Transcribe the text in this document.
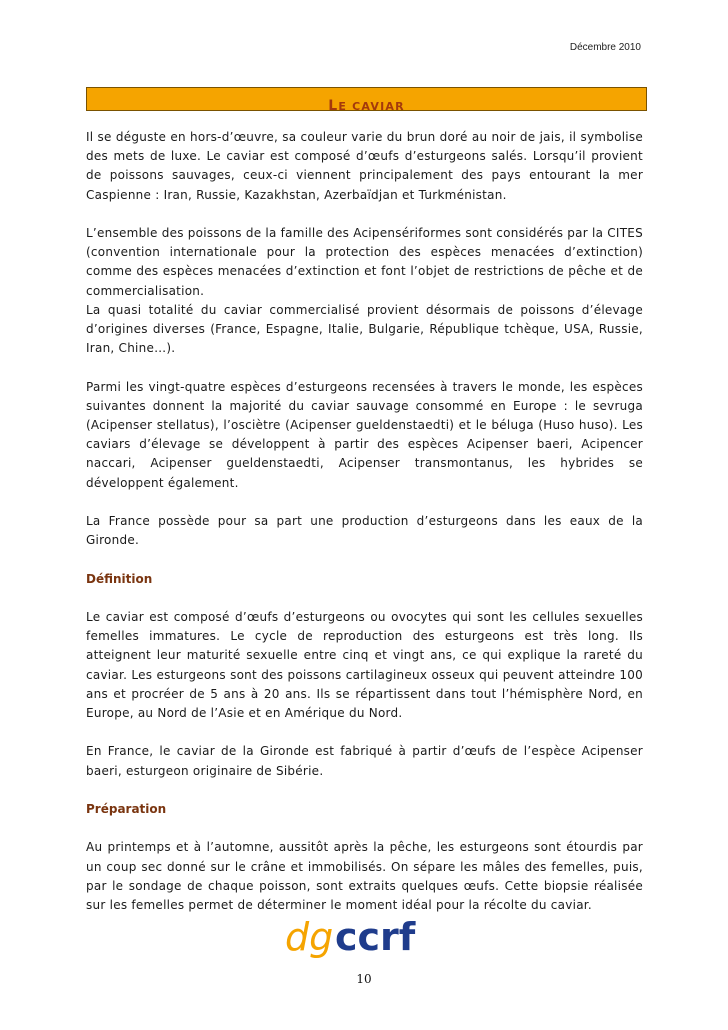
Décembre 2010
LE CAVIAR

Il se déguste en hors-d’œuvre, sa couleur varie du brun doré au noir de jais, il symbolise des mets de luxe. Le caviar est composé d’œufs d’esturgeons salés. Lorsqu’il provient de poissons sauvages, ceux-ci viennent principalement des pays entourant la mer Caspienne : Iran, Russie, Kazakhstan, Azerbaïdjan et Turkménistan.

L’ensemble des poissons de la famille des Acipensériformes sont considérés par la CITES (convention internationale pour la protection des espèces menacées d’extinction) comme des espèces menacées d’extinction et font l’objet de restrictions de pêche et de commercialisation.

La quasi totalité du caviar commercialisé provient désormais de poissons d’élevage d’origines diverses (France, Espagne, Italie, Bulgarie, République tchèque, USA, Russie, Iran, Chine…).

Parmi les vingt-quatre espèces d’esturgeons recensées à travers le monde, les espèces suivantes donnent la majorité du caviar sauvage consommé en Europe : le sevruga (Acipenser stellatus), l’osciètre (Acipenser gueldenstaedti) et le béluga (Huso huso). Les caviars d’élevage se développent à partir des espèces Acipenser baeri, Acipencer naccari, Acipenser gueldenstaedti, Acipenser transmontanus, les hybrides se développent également.

La France possède pour sa part une production d’esturgeons dans les eaux de la Gironde.

Définition

Le caviar est composé d’œufs d’esturgeons ou ovocytes qui sont les cellules sexuelles femelles immatures. Le cycle de reproduction des esturgeons est très long. Ils atteignent leur maturité sexuelle entre cinq et vingt ans, ce qui explique la rareté du caviar. Les esturgeons sont des poissons cartilagineux osseux qui peuvent atteindre 100 ans et procréer de 5 ans à 20 ans. Ils se répartissent dans tout l’hémisphère Nord, en Europe, au Nord de l’Asie et en Amérique du Nord.

En France, le caviar de la Gironde est fabriqué à partir d’œufs de l’espèce Acipenser baeri, esturgeon originaire de Sibérie.

Préparation

Au printemps et à l’automne, aussitôt après la pêche, les esturgeons sont étourdis par un coup sec donné sur le crâne et immobilisés. On sépare les mâles des femelles, puis, par le sondage de chaque poisson, sont extraits quelques œufs. Cette biopsie réalisée sur les femelles permet de déterminer le moment idéal pour la récolte du caviar.

dg ccrf
10
